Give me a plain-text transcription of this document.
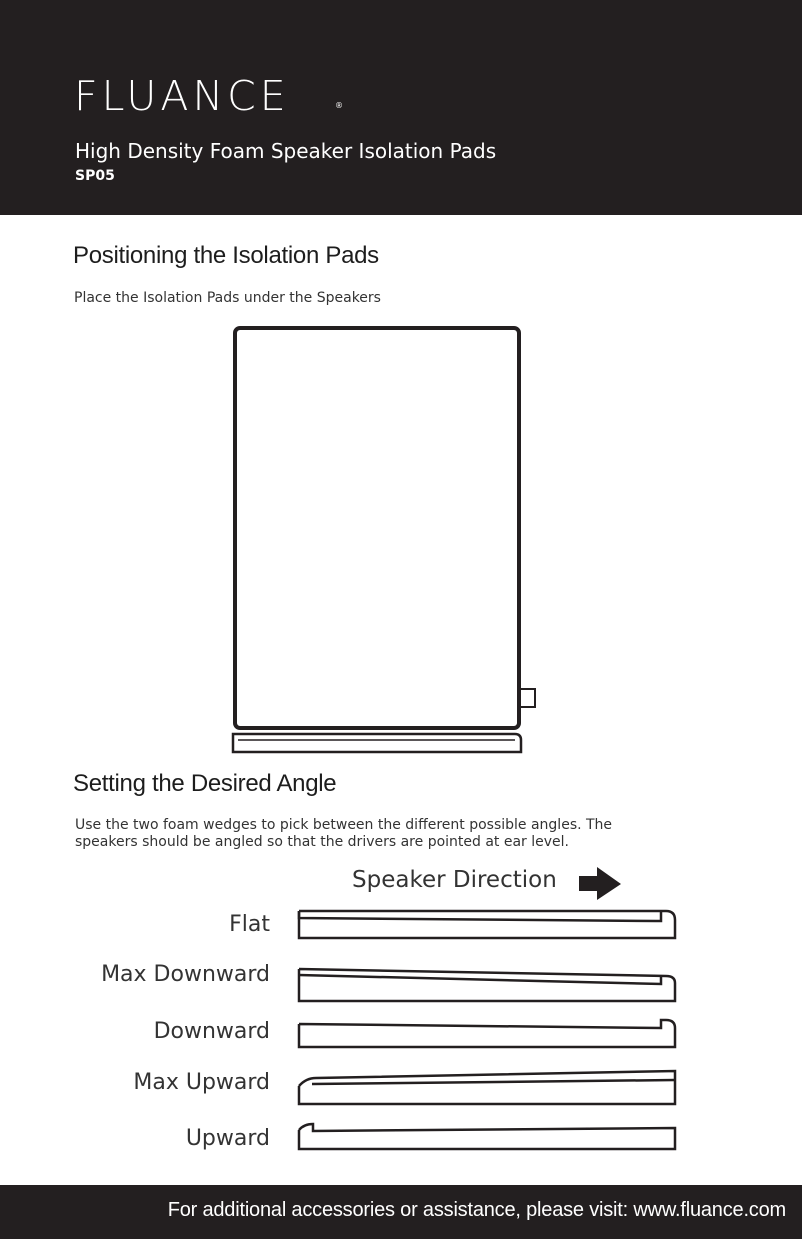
FLUANCE	®
High Density Foam Speaker Isolation Pads
SP05
Positioning the Isolation Pads
Place the Isolation Pads under the Speakers
Setting the Desired Angle
Use the two foam wedges to pick between the different possible angles. The
speakers should be angled so that the drivers are pointed at ear level.
Speaker Direction
Flat
Max Downward
Downward
Max Upward
Upward
For additional accessories or assistance, please visit: www.fluance.com
